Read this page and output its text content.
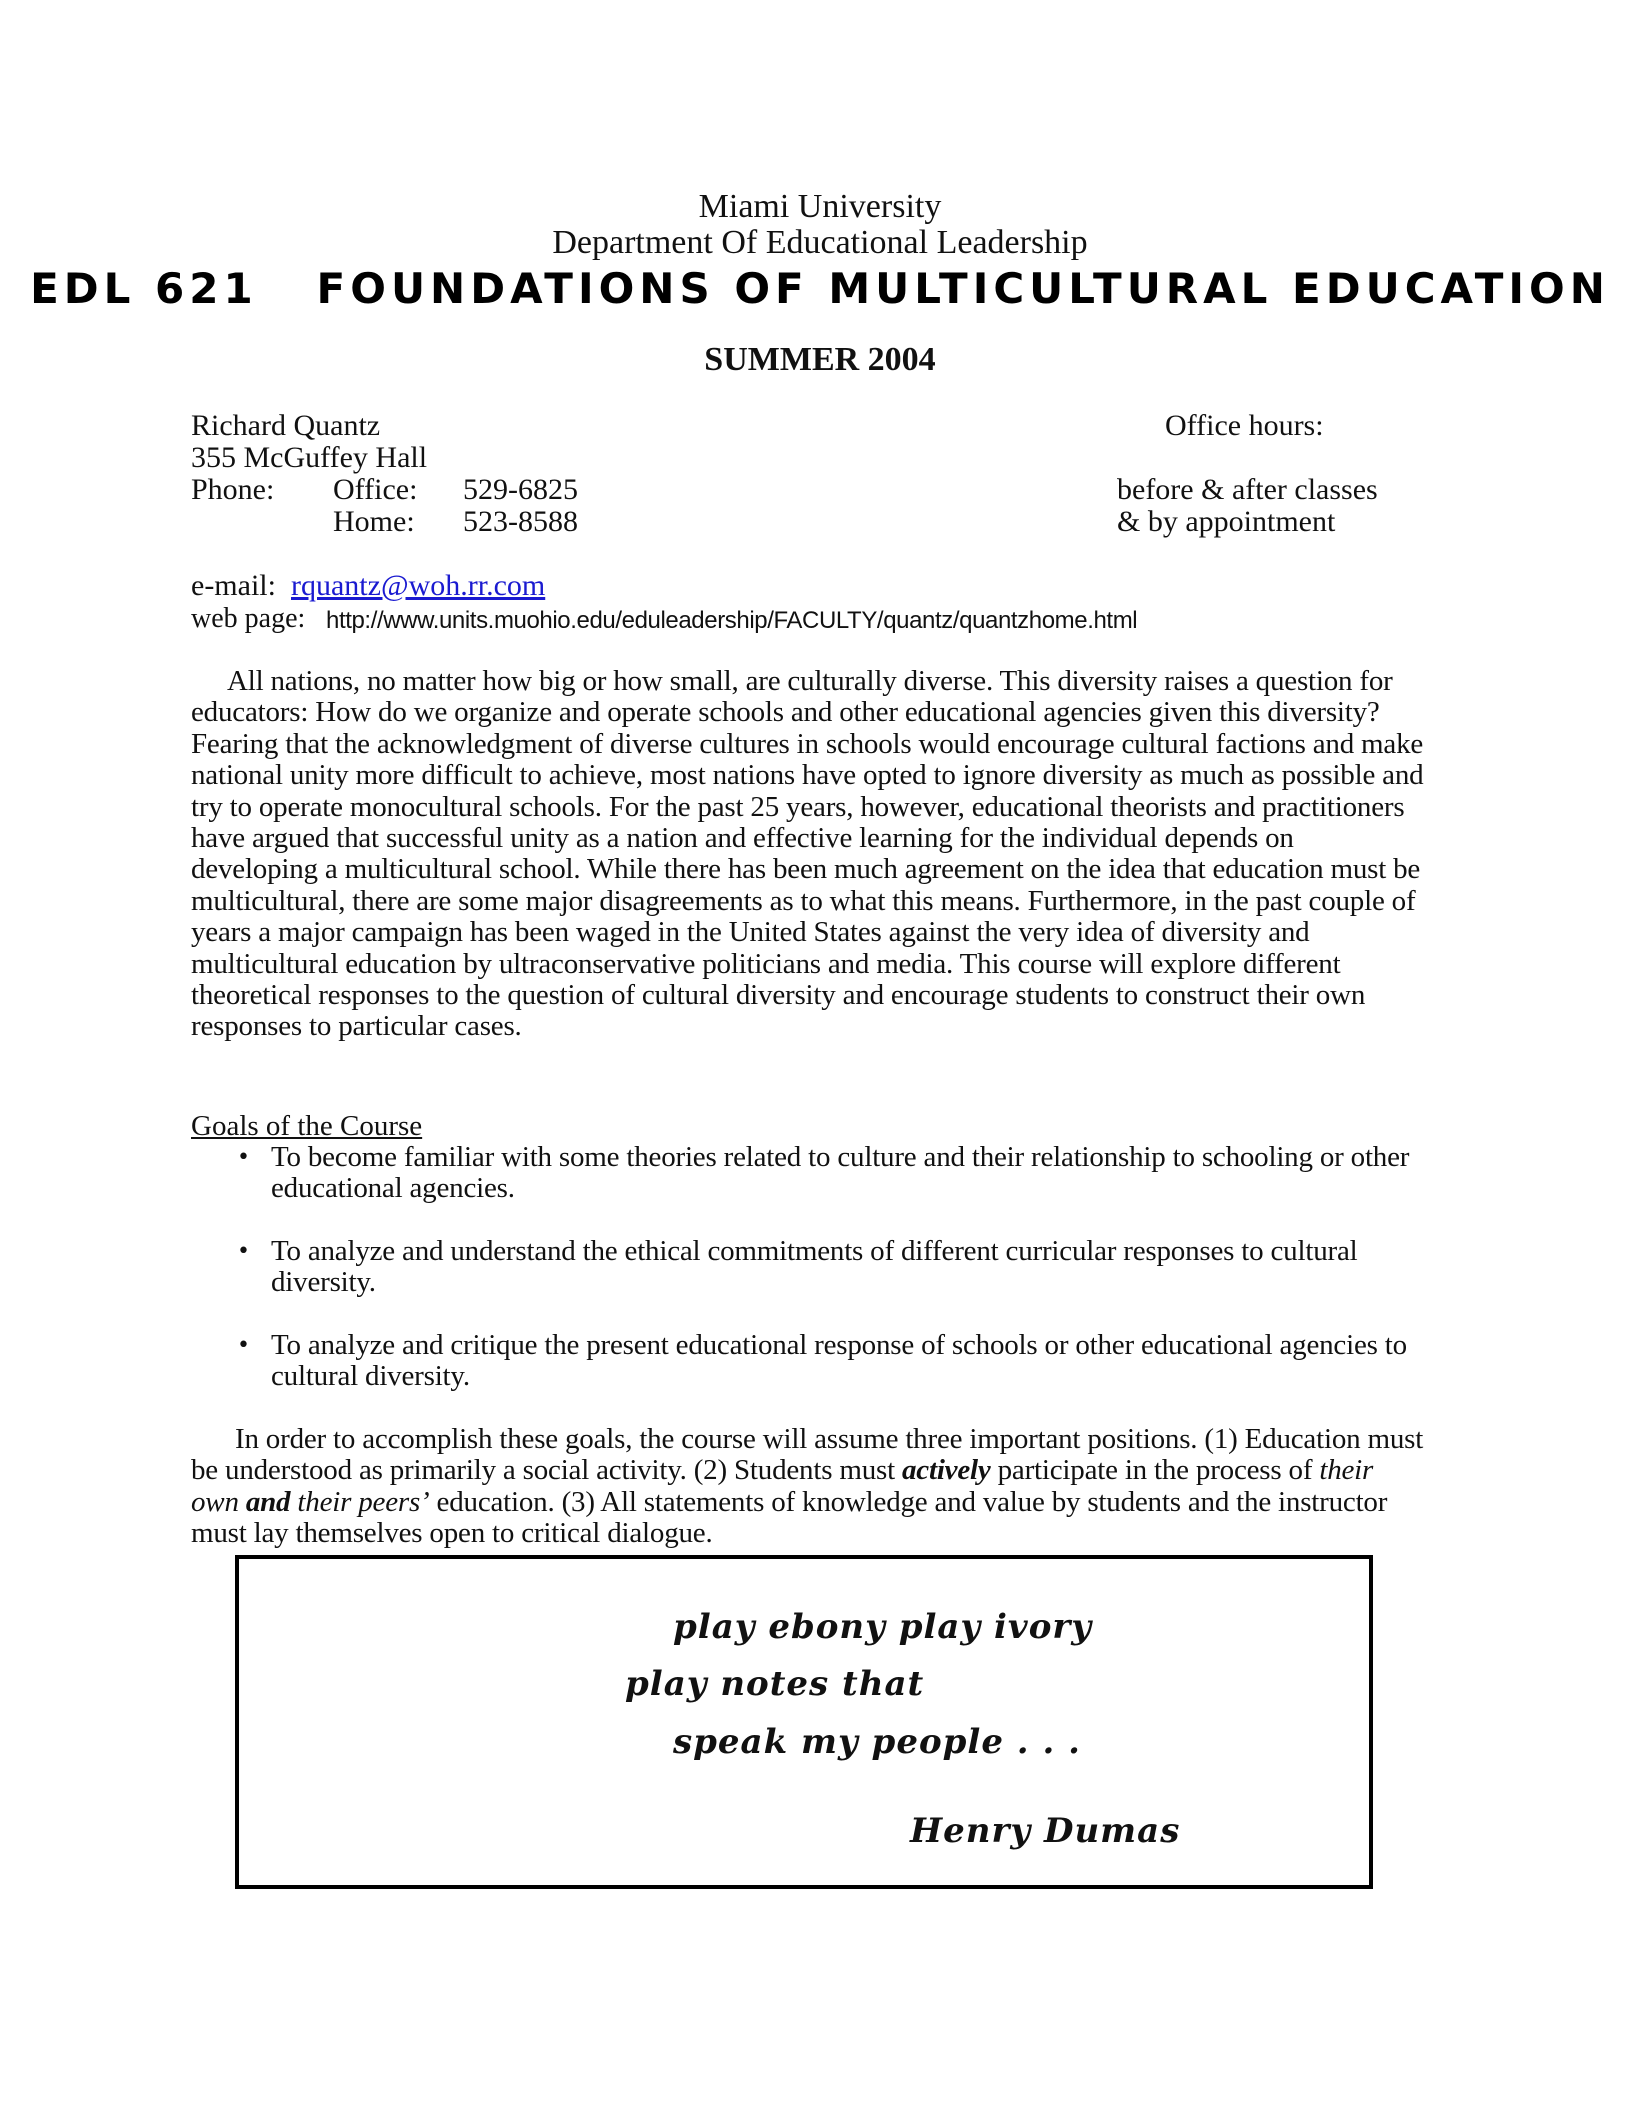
Miami University
Department Of Educational Leadership
EDL 621   FOUNDATIONS OF MULTICULTURAL EDUCATION
SUMMER 2004
Richard Quantz	Office hours:
355 McGuffey Hall
Phone: Office: 529-6825
Home: 523-8588
before & after classes
& by appointment
e-mail: rquantz@woh.rr.com
web page: http://www.units.muohio.edu/eduleadership/FACULTY/quantz/quantzhome.html

All nations, no matter how big or how small, are culturally diverse. This diversity raises a question for educators: How do we organize and operate schools and other educational agencies given this diversity? Fearing that the acknowledgment of diverse cultures in schools would encourage cultural factions and make national unity more difficult to achieve, most nations have opted to ignore diversity as much as possible and try to operate monocultural schools. For the past 25 years, however, educational theorists and practitioners have argued that successful unity as a nation and effective learning for the individual depends on developing a multicultural school. While there has been much agreement on the idea that education must be multicultural, there are some major disagreements as to what this means. Furthermore, in the past couple of years a major campaign has been waged in the United States against the very idea of diversity and multicultural education by ultraconservative politicians and media. This course will explore different theoretical responses to the question of cultural diversity and encourage students to construct their own responses to particular cases.

Goals of the Course
• To become familiar with some theories related to culture and their relationship to schooling or other educational agencies.
• To analyze and understand the ethical commitments of different curricular responses to cultural diversity.
• To analyze and critique the present educational response of schools or other educational agencies to cultural diversity.

In order to accomplish these goals, the course will assume three important positions. (1) Education must be understood as primarily a social activity. (2) Students must actively participate in the process of their own and their peers’ education. (3) All statements of knowledge and value by students and the instructor must lay themselves open to critical dialogue.

play ebony play ivory
play notes that
speak my people . . .
Henry Dumas
